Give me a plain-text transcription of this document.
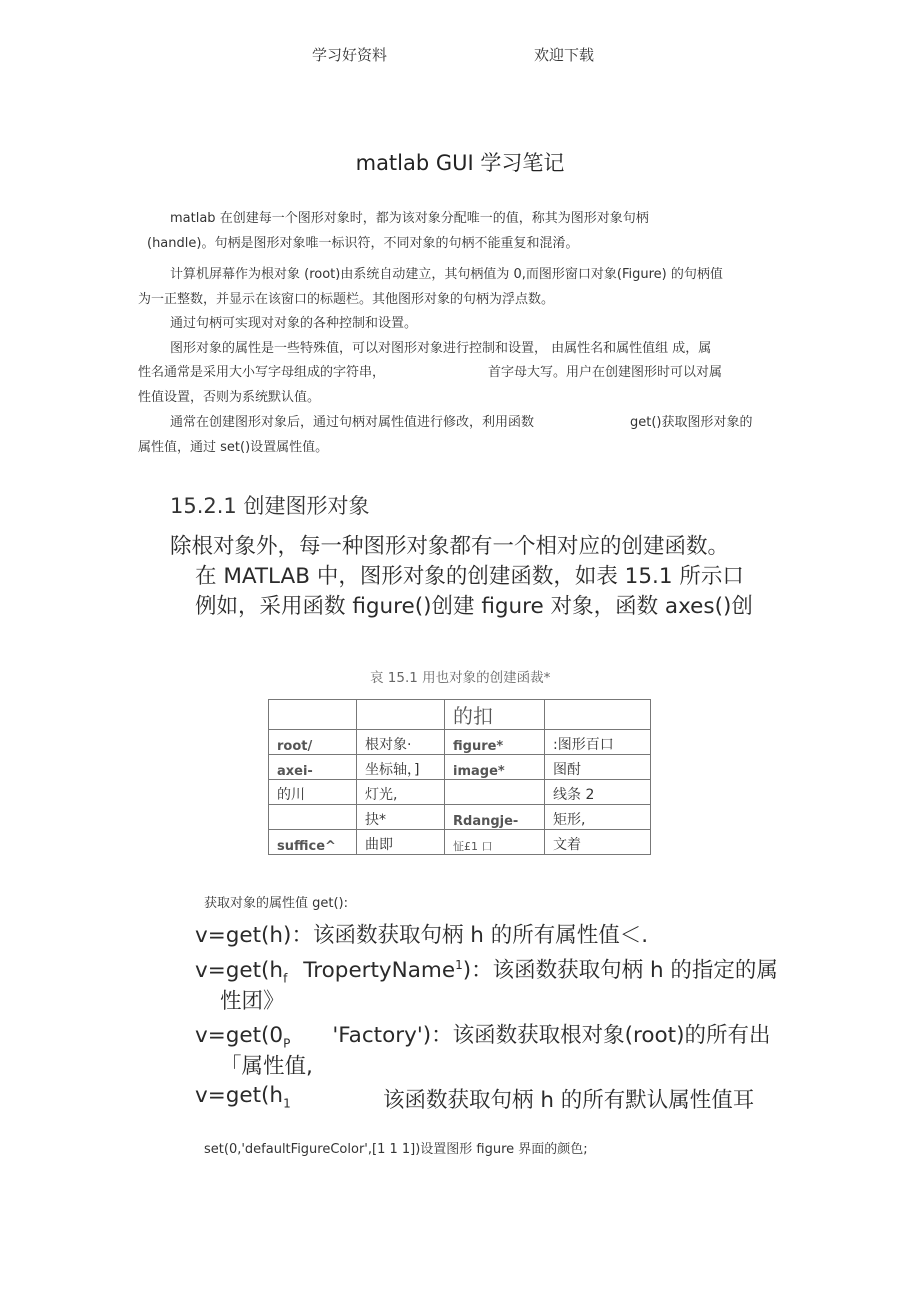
学习好资料	欢迎下载
matlab GUI 学习笔记
matlab 在创建每一个图形对象时，都为该对象分配唯一的值，称其为图形对象句柄
(handle)。句柄是图形对象唯一标识符，不同对象的句柄不能重复和混淆。
计算机屏幕作为根对象 (root)由系统自动建立，其句柄值为 0,而图形窗口对象(Figure) 的句柄值
为一正整数，并显示在该窗口的标题栏。其他图形对象的句柄为浮点数。
通过句柄可实现对对象的各种控制和设置。
图形对象的属性是一些特殊值，可以对图形对象进行控制和设置， 由属性名和属性值组 成，属
性名通常是采用大小写字母组成的字符串，	首字母大写。用户在创建图形时可以对属
性值设置，否则为系统默认值。
通常在创建图形对象后，通过句柄对属性值进行修改，利用函数	get()获取图形对象的
属性值，通过 set()设置属性值。
15.2.1 创建图形对象
除根对象外，每一种图形对象都有一个相对应的创建函数。
在 MATLAB 中，图形对象的创建函数，如表 15.1 所示口
例如，采用函数 figure()创建 figure 对象，函数 axes()创
哀 15.1 用也对象的创建函裁*
		的扣	
root/	根对象·	figure*	:图形百口
axei-	坐标轴，]	image*	图酎
的川	灯光,		线条 2
	抉*	Rdangje-	矩形,
suffice^	曲即	怔£1 口	文着
获取对象的属性值 get():
v=get(h)：该函数获取句柄 h 的所有属性值＜.
$v=get(h_f$ TropertyName$^1$)：该函数获取句柄 h 的指定的属
性团》
$v=get(0_P$ 'Factory')：该函数获取根对象(root)的所有出
「属性值,
$v=get(h_1$	该函数获取句柄 h 的所有默认属性值耳
set(0,'defaultFigureColor',[1 1 1])设置图形 figure 界面的颜色;
